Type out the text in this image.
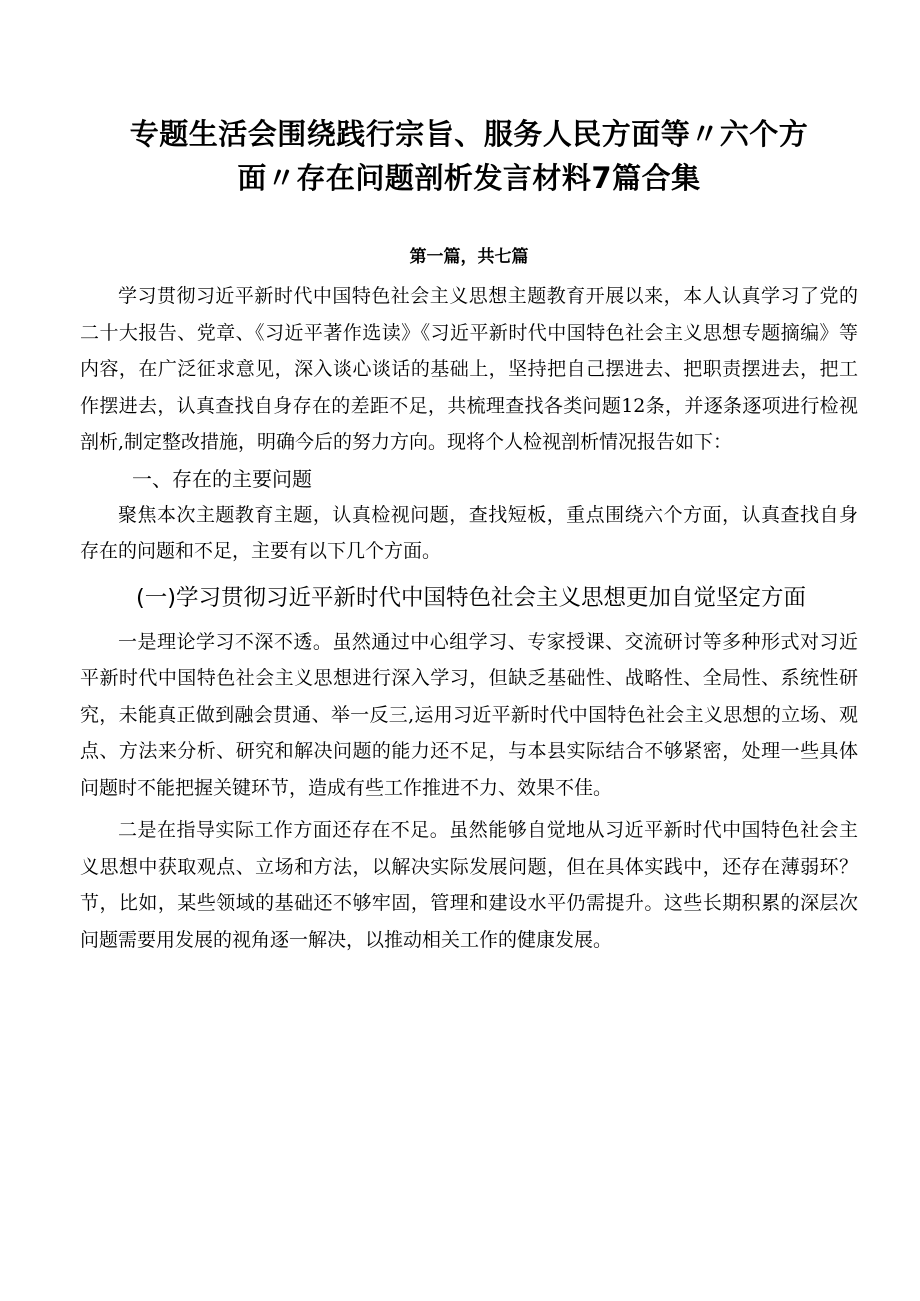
专题生活会围绕践行宗旨、服务人民方面等〃六个方
面〃存在问题剖析发言材料7篇合集

第一篇，共七篇

学习贯彻习近平新时代中国特色社会主义思想主题教育开展以来，本人认真学习了党的二十大报告、党章、《习近平著作选读》《习近平新时代中国特色社会主义思想专题摘编》等内容，在广泛征求意见，深入谈心谈话的基础上，坚持把自己摆进去、把职责摆进去，把工作摆进去，认真查找自身存在的差距不足，共梳理查找各类问题12条，并逐条逐项进行检视剖析,制定整改措施，明确今后的努力方向。现将个人检视剖析情况报告如下：

一、存在的主要问题

聚焦本次主题教育主题，认真检视问题，查找短板，重点围绕六个方面，认真查找自身存在的问题和不足，主要有以下几个方面。

(一)学习贯彻习近平新时代中国特色社会主义思想更加自觉坚定方面

一是理论学习不深不透。虽然通过中心组学习、专家授课、交流研讨等多种形式对习近平新时代中国特色社会主义思想进行深入学习，但缺乏基础性、战略性、全局性、系统性研究，未能真正做到融会贯通、举一反三,运用习近平新时代中国特色社会主义思想的立场、观点、方法来分析、研究和解决问题的能力还不足，与本县实际结合不够紧密，处理一些具体问题时不能把握关键环节，造成有些工作推进不力、效果不佳。

二是在指导实际工作方面还存在不足。虽然能够自觉地从习近平新时代中国特色社会主义思想中获取观点、立场和方法，以解决实际发展问题，但在具体实践中，还存在薄弱环？节，比如，某些领域的基础还不够牢固，管理和建设水平仍需提升。这些长期积累的深层次问题需要用发展的视角逐一解决，以推动相关工作的健康发展。
